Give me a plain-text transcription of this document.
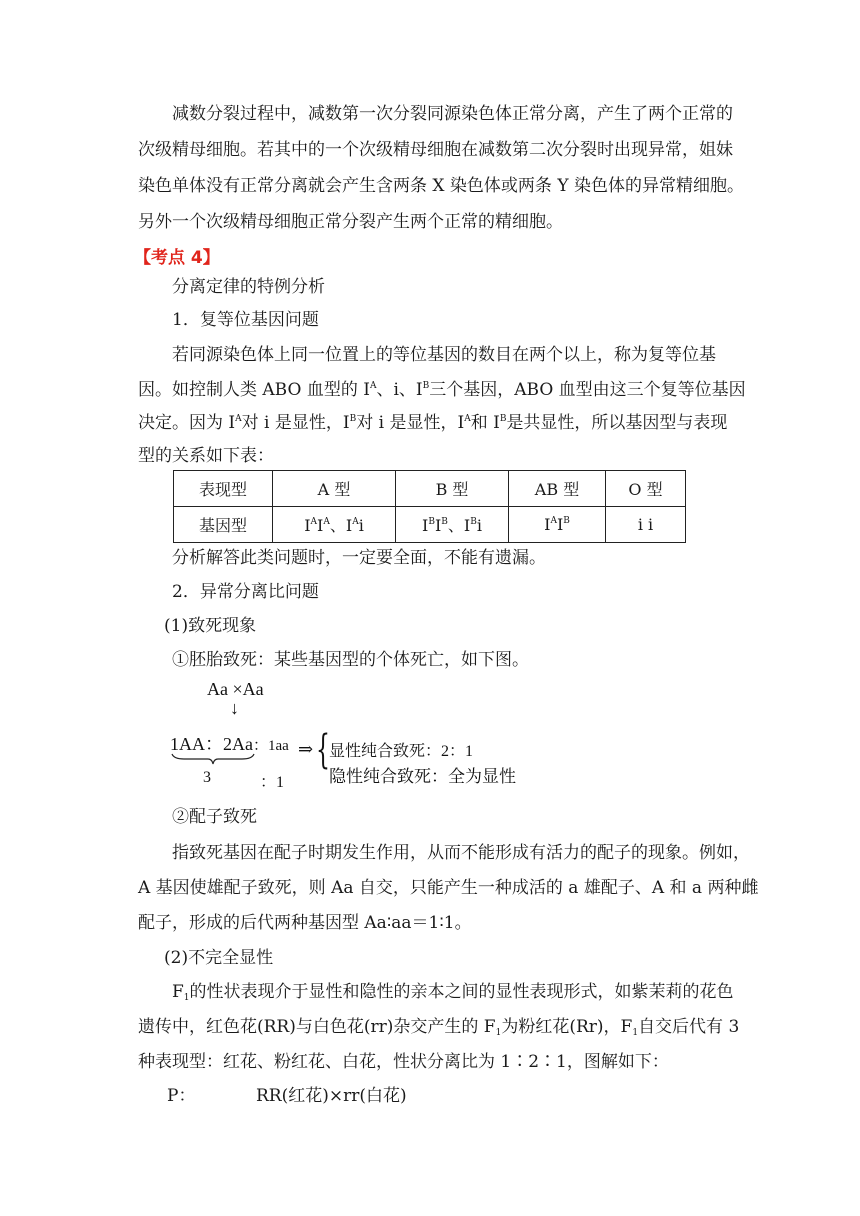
减数分裂过程中，减数第一次分裂同源染色体正常分离，产生了两个正常的
次级精母细胞。若其中的一个次级精母细胞在减数第二次分裂时出现异常，姐妹
染色单体没有正常分离就会产生含两条 X 染色体或两条 Y 染色体的异常精细胞。
另外一个次级精母细胞正常分裂产生两个正常的精细胞。
【考点 4】
分离定律的特例分析
1．复等位基因问题
若同源染色体上同一位置上的等位基因的数目在两个以上，称为复等位基
因。如控制人类 ABO 血型的 $I^A$、i、$I^B$三个基因，ABO 血型由这三个复等位基因
决定。因为 $I^A$对 i 是显性，$I^B$对 i 是显性，$I^A$和 $I^B$是共显性，所以基因型与表现
型的关系如下表：
表现型	A 型	B 型	AB 型	O 型
基因型	$I^AI^A$、$I^Ai$	$I^BI^B$、$I^Bi$	$I^AI^B$	i i
分析解答此类问题时，一定要全面，不能有遗漏。
2．异常分离比问题
(1)致死现象
①胚胎致死：某些基因型的个体死亡，如下图。
Aa ×Aa
↓
1AA：2Aa：1aa ⇒ { 显性纯合致死：2：1
隐性纯合致死：全为显性
3	：1
②配子致死
指致死基因在配子时期发生作用，从而不能形成有活力的配子的现象。例如，
A 基因使雄配子致死，则 Aa 自交，只能产生一种成活的 a 雄配子、A 和 a 两种雌
配子，形成的后代两种基因型 Aa∶aa＝1∶1。
(2)不完全显性
$F_1$的性状表现介于显性和隐性的亲本之间的显性表现形式，如紫茉莉的花色
遗传中，红色花(RR)与白色花(rr)杂交产生的 $F_1$为粉红花(Rr)，$F_1$自交后代有 3
种表现型：红花、粉红花、白花，性状分离比为 1∶2∶1，图解如下：
P：	RR(红花)×rr(白花)
